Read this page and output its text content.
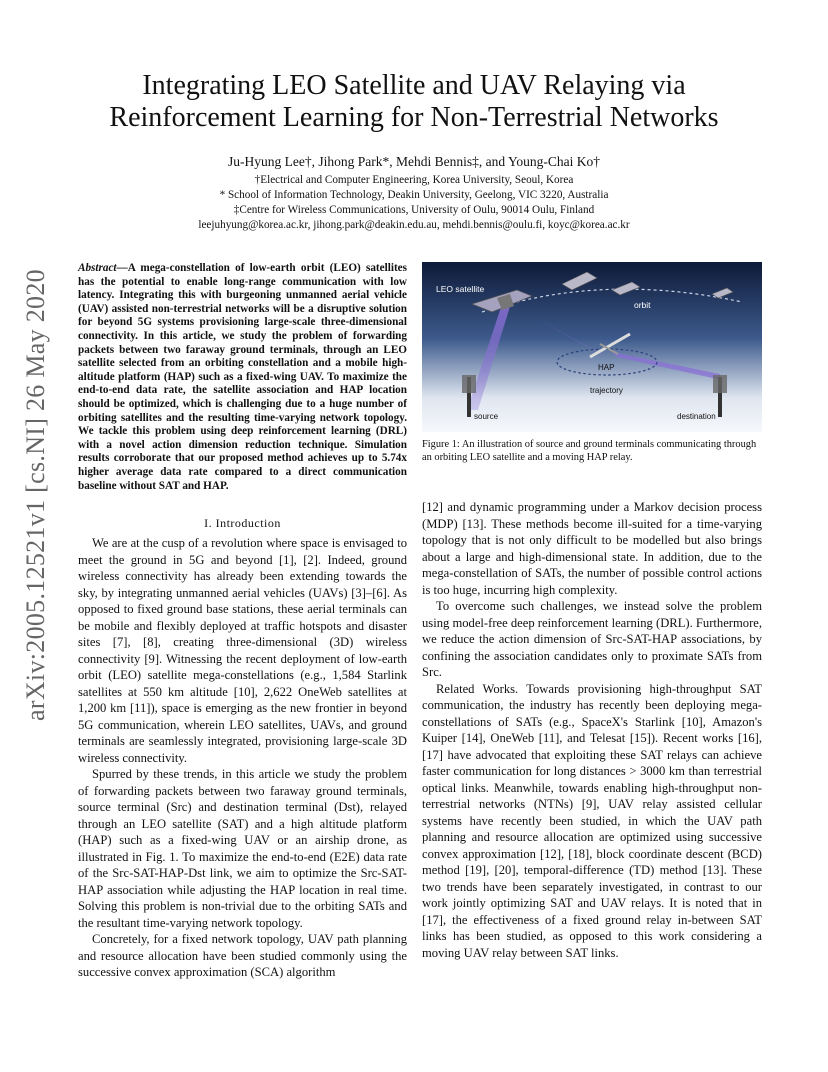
arXiv:2005.12521v1 [cs.NI] 26 May 2020
Integrating LEO Satellite and UAV Relaying via
Reinforcement Learning for Non-Terrestrial Networks
Ju-Hyung Lee†, Jihong Park*, Mehdi Bennis‡, and Young-Chai Ko†
†Electrical and Computer Engineering, Korea University, Seoul, Korea
* School of Information Technology, Deakin University, Geelong, VIC 3220, Australia
‡Centre for Wireless Communications, University of Oulu, 90014 Oulu, Finland
leejuhyung@korea.ac.kr, jihong.park@deakin.edu.au, mehdi.bennis@oulu.fi, koyc@korea.ac.kr
Abstract—A mega-constellation of low-earth orbit (LEO) satellites has the potential to enable long-range communication with low latency. Integrating this with burgeoning unmanned aerial vehicle (UAV) assisted non-terrestrial networks will be a disruptive solution for beyond 5G systems provisioning large-scale three-dimensional connectivity. In this article, we study the problem of forwarding packets between two faraway ground terminals, through an LEO satellite selected from an orbiting constellation and a mobile high-altitude platform (HAP) such as a fixed-wing UAV. To maximize the end-to-end data rate, the satellite association and HAP location should be optimized, which is challenging due to a huge number of orbiting satellites and the resulting time-varying network topology. We tackle this problem using deep reinforcement learning (DRL) with a novel action dimension reduction technique. Simulation results corroborate that our proposed method achieves up to 5.74x higher average data rate compared to a direct communication baseline without SAT and HAP.
I. Introduction

We are at the cusp of a revolution where space is envisaged to meet the ground in 5G and beyond [1], [2]. Indeed, ground wireless connectivity has already been extending towards the sky, by integrating unmanned aerial vehicles (UAVs) [3]–[6]. As opposed to fixed ground base stations, these aerial terminals can be mobile and flexibly deployed at traffic hotspots and disaster sites [7], [8], creating three-dimensional (3D) wireless connectivity [9]. Witnessing the recent deployment of low-earth orbit (LEO) satellite mega-constellations (e.g., 1,584 Starlink satellites at 550 km altitude [10], 2,622 OneWeb satellites at 1,200 km [11]), space is emerging as the new frontier in beyond 5G communication, wherein LEO satellites, UAVs, and ground terminals are seamlessly integrated, provisioning large-scale 3D wireless connectivity.

Spurred by these trends, in this article we study the problem of forwarding packets between two faraway ground terminals, source terminal (Src) and destination terminal (Dst), relayed through an LEO satellite (SAT) and a high altitude platform (HAP) such as a fixed-wing UAV or an airship drone, as illustrated in Fig. 1. To maximize the end-to-end (E2E) data rate of the Src-SAT-HAP-Dst link, we aim to optimize the Src-SAT-HAP association while adjusting the HAP location in real time. Solving this problem is non-trivial due to the orbiting SATs and the resultant time-varying network topology.

Concretely, for a fixed network topology, UAV path planning and resource allocation have been studied commonly using the successive convex approximation (SCA) algorithm

LEO satellite
orbit
HAP
trajectory
source	destination
Figure 1: An illustration of source and ground terminals communicating through an orbiting LEO satellite and a moving HAP relay.

[12] and dynamic programming under a Markov decision process (MDP) [13]. These methods become ill-suited for a time-varying topology that is not only difficult to be modelled but also brings about a large and high-dimensional state. In addition, due to the mega-constellation of SATs, the number of possible control actions is too huge, incurring high complexity.

To overcome such challenges, we instead solve the problem using model-free deep reinforcement learning (DRL). Furthermore, we reduce the action dimension of Src-SAT-HAP associations, by confining the association candidates only to proximate SATs from Src.

Related Works. Towards provisioning high-throughput SAT communication, the industry has recently been deploying mega-constellations of SATs (e.g., SpaceX's Starlink [10], Amazon's Kuiper [14], OneWeb [11], and Telesat [15]). Recent works [16], [17] have advocated that exploiting these SAT relays can achieve faster communication for long distances > 3000 km than terrestrial optical links. Meanwhile, towards enabling high-throughput non-terrestrial networks (NTNs) [9], UAV relay assisted cellular systems have recently been studied, in which the UAV path planning and resource allocation are optimized using successive convex approximation [12], [18], block coordinate descent (BCD) method [19], [20], temporal-difference (TD) method [13]. These two trends have been separately investigated, in contrast to our work jointly optimizing SAT and UAV relays. It is noted that in [17], the effectiveness of a fixed ground relay in-between SAT links has been studied, as opposed to this work considering a moving UAV relay between SAT links.
